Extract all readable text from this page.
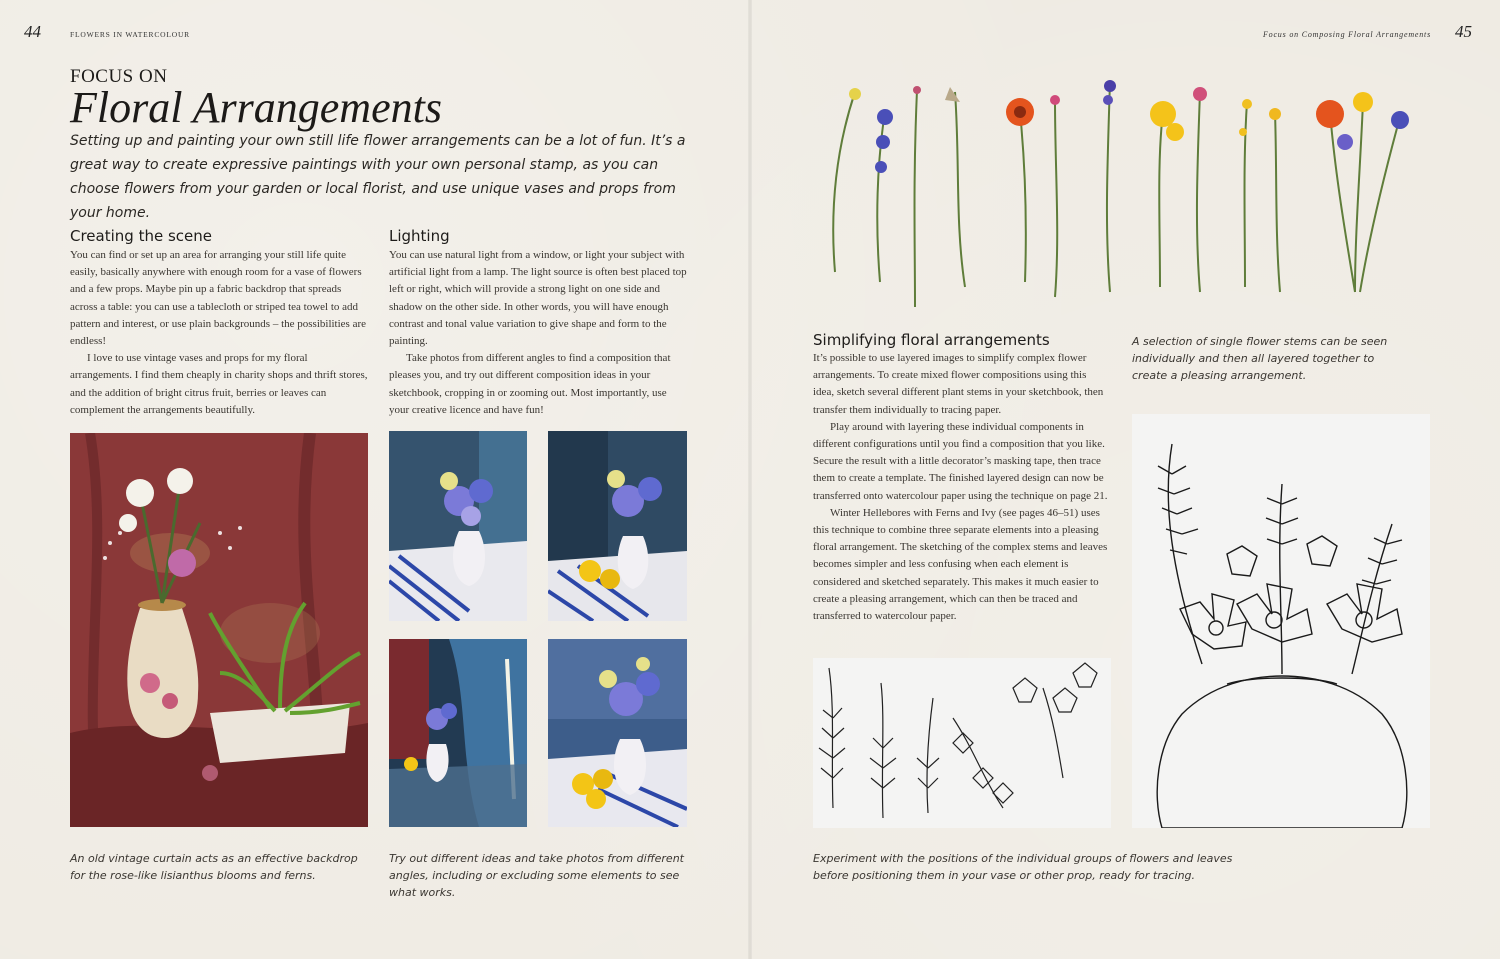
44	FLOWERS IN WATERCOLOUR	Focus on Composing Floral Arrangements 45
FOCUS ON
Floral Arrangements
Setting up and painting your own still life flower arrangements can be a lot of fun. It’s a great way to create expressive paintings with your own personal stamp, as you can choose flowers from your garden or local florist, and use unique vases and props from your home.
Creating the scene

You can find or set up an area for arranging your still life quite easily, basically anywhere with enough room for a vase of flowers and a few props. Maybe pin up a fabric backdrop that spreads across a table: you can use a tablecloth or striped tea towel to add pattern and interest, or use plain backgrounds – the possibilities are endless!

I love to use vintage vases and props for my floral arrangements. I find them cheaply in charity shops and thrift stores, and the addition of bright citrus fruit, berries or leaves can complement the arrangements beautifully.

Lighting

You can use natural light from a window, or light your subject with artificial light from a lamp. The light source is often best placed top left or right, which will provide a strong light on one side and shadow on the other side. In other words, you will have enough contrast and tonal value variation to give shape and form to the painting.

Take photos from different angles to find a composition that pleases you, and try out different composition ideas in your sketchbook, cropping in or zooming out. Most importantly, use your creative licence and have fun!

An old vintage curtain acts as an effective backdrop for the rose-like lisianthus blooms and ferns.
Try out different ideas and take photos from different angles, including or excluding some elements to see what works.
Simplifying floral arrangements

It’s possible to use layered images to simplify complex flower arrangements. To create mixed flower compositions using this idea, sketch several different plant stems in your sketchbook, then transfer them individually to tracing paper.

Play around with layering these individual components in different configurations until you find a composition that you like. Secure the result with a little decorator’s masking tape, then trace them to create a template. The finished layered design can now be transferred onto watercolour paper using the technique on page 21.

Winter Hellebores with Ferns and Ivy (see pages 46–51) uses this technique to combine three separate elements into a pleasing floral arrangement. The sketching of the complex stems and leaves becomes simpler and less confusing when each element is considered and sketched separately. This makes it much easier to create a pleasing arrangement, which can then be traced and transferred to watercolour paper.

A selection of single flower stems can be seen individually and then all layered together to create a pleasing arrangement.
Experiment with the positions of the individual groups of flowers and leaves before positioning them in your vase or other prop, ready for tracing.
